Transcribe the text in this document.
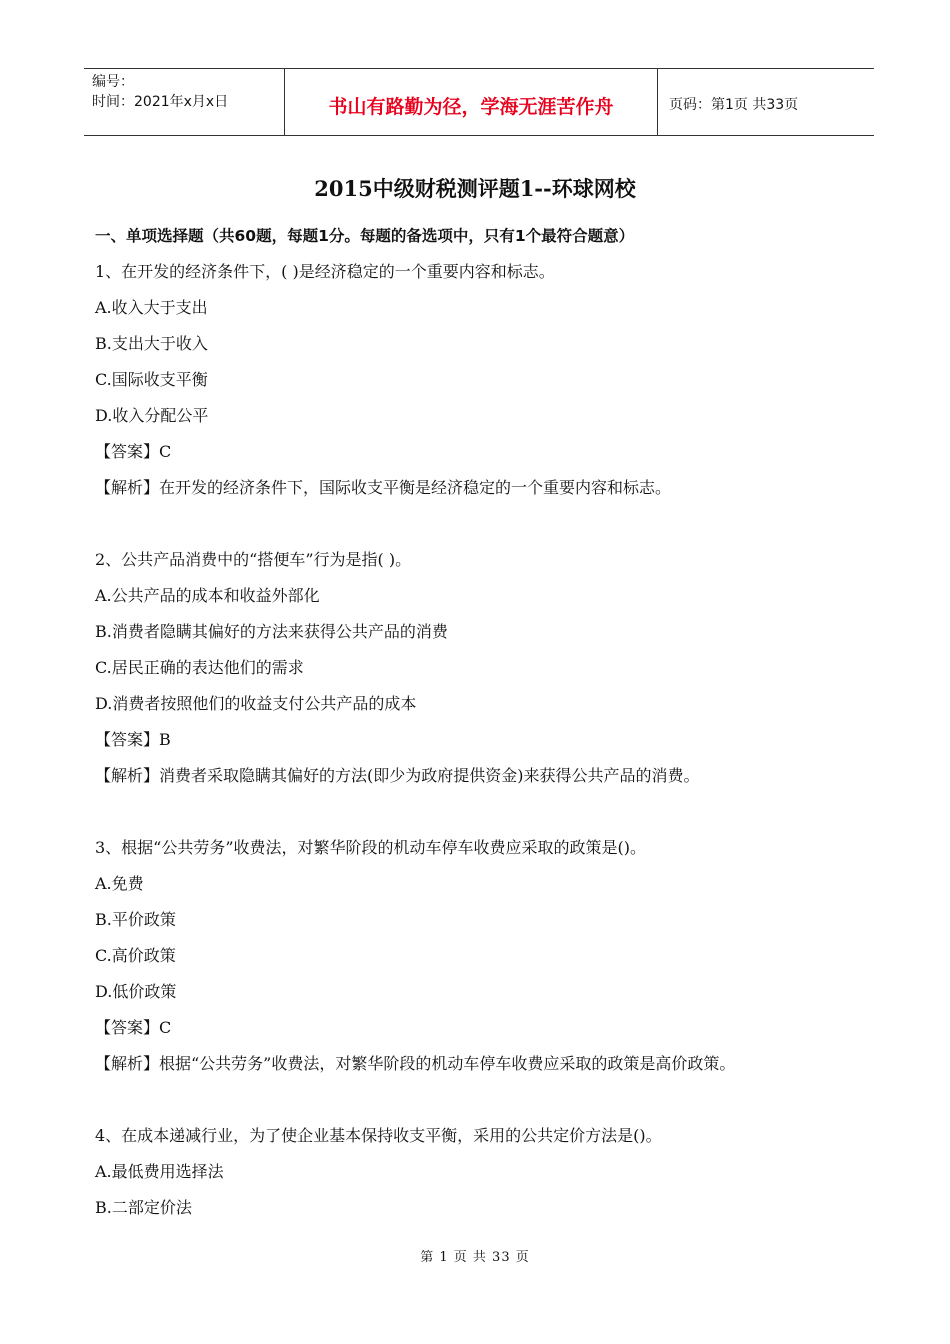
编号：
时间：2021年x月x日	书山有路勤为径，学海无涯苦作舟	页码：第1页 共33页
2015中级财税测评题1--环球网校
一、单项选择题（共60题，每题1分。每题的备选项中，只有1个最符合题意）
1、在开发的经济条件下，( )是经济稳定的一个重要内容和标志。
A.收入大于支出
B.支出大于收入
C.国际收支平衡
D.收入分配公平
【答案】C
【解析】在开发的经济条件下，国际收支平衡是经济稳定的一个重要内容和标志。
2、公共产品消费中的“搭便车”行为是指( )。
A.公共产品的成本和收益外部化
B.消费者隐瞒其偏好的方法来获得公共产品的消费
C.居民正确的表达他们的需求
D.消费者按照他们的收益支付公共产品的成本
【答案】B
【解析】消费者采取隐瞒其偏好的方法(即少为政府提供资金)来获得公共产品的消费。
3、根据“公共劳务”收费法，对繁华阶段的机动车停车收费应采取的政策是()。
A.免费
B.平价政策
C.高价政策
D.低价政策
【答案】C
【解析】根据“公共劳务”收费法，对繁华阶段的机动车停车收费应采取的政策是高价政策。
4、在成本递减行业，为了使企业基本保持收支平衡，采用的公共定价方法是()。
A.最低费用选择法
B.二部定价法
第 1 页 共 33 页
